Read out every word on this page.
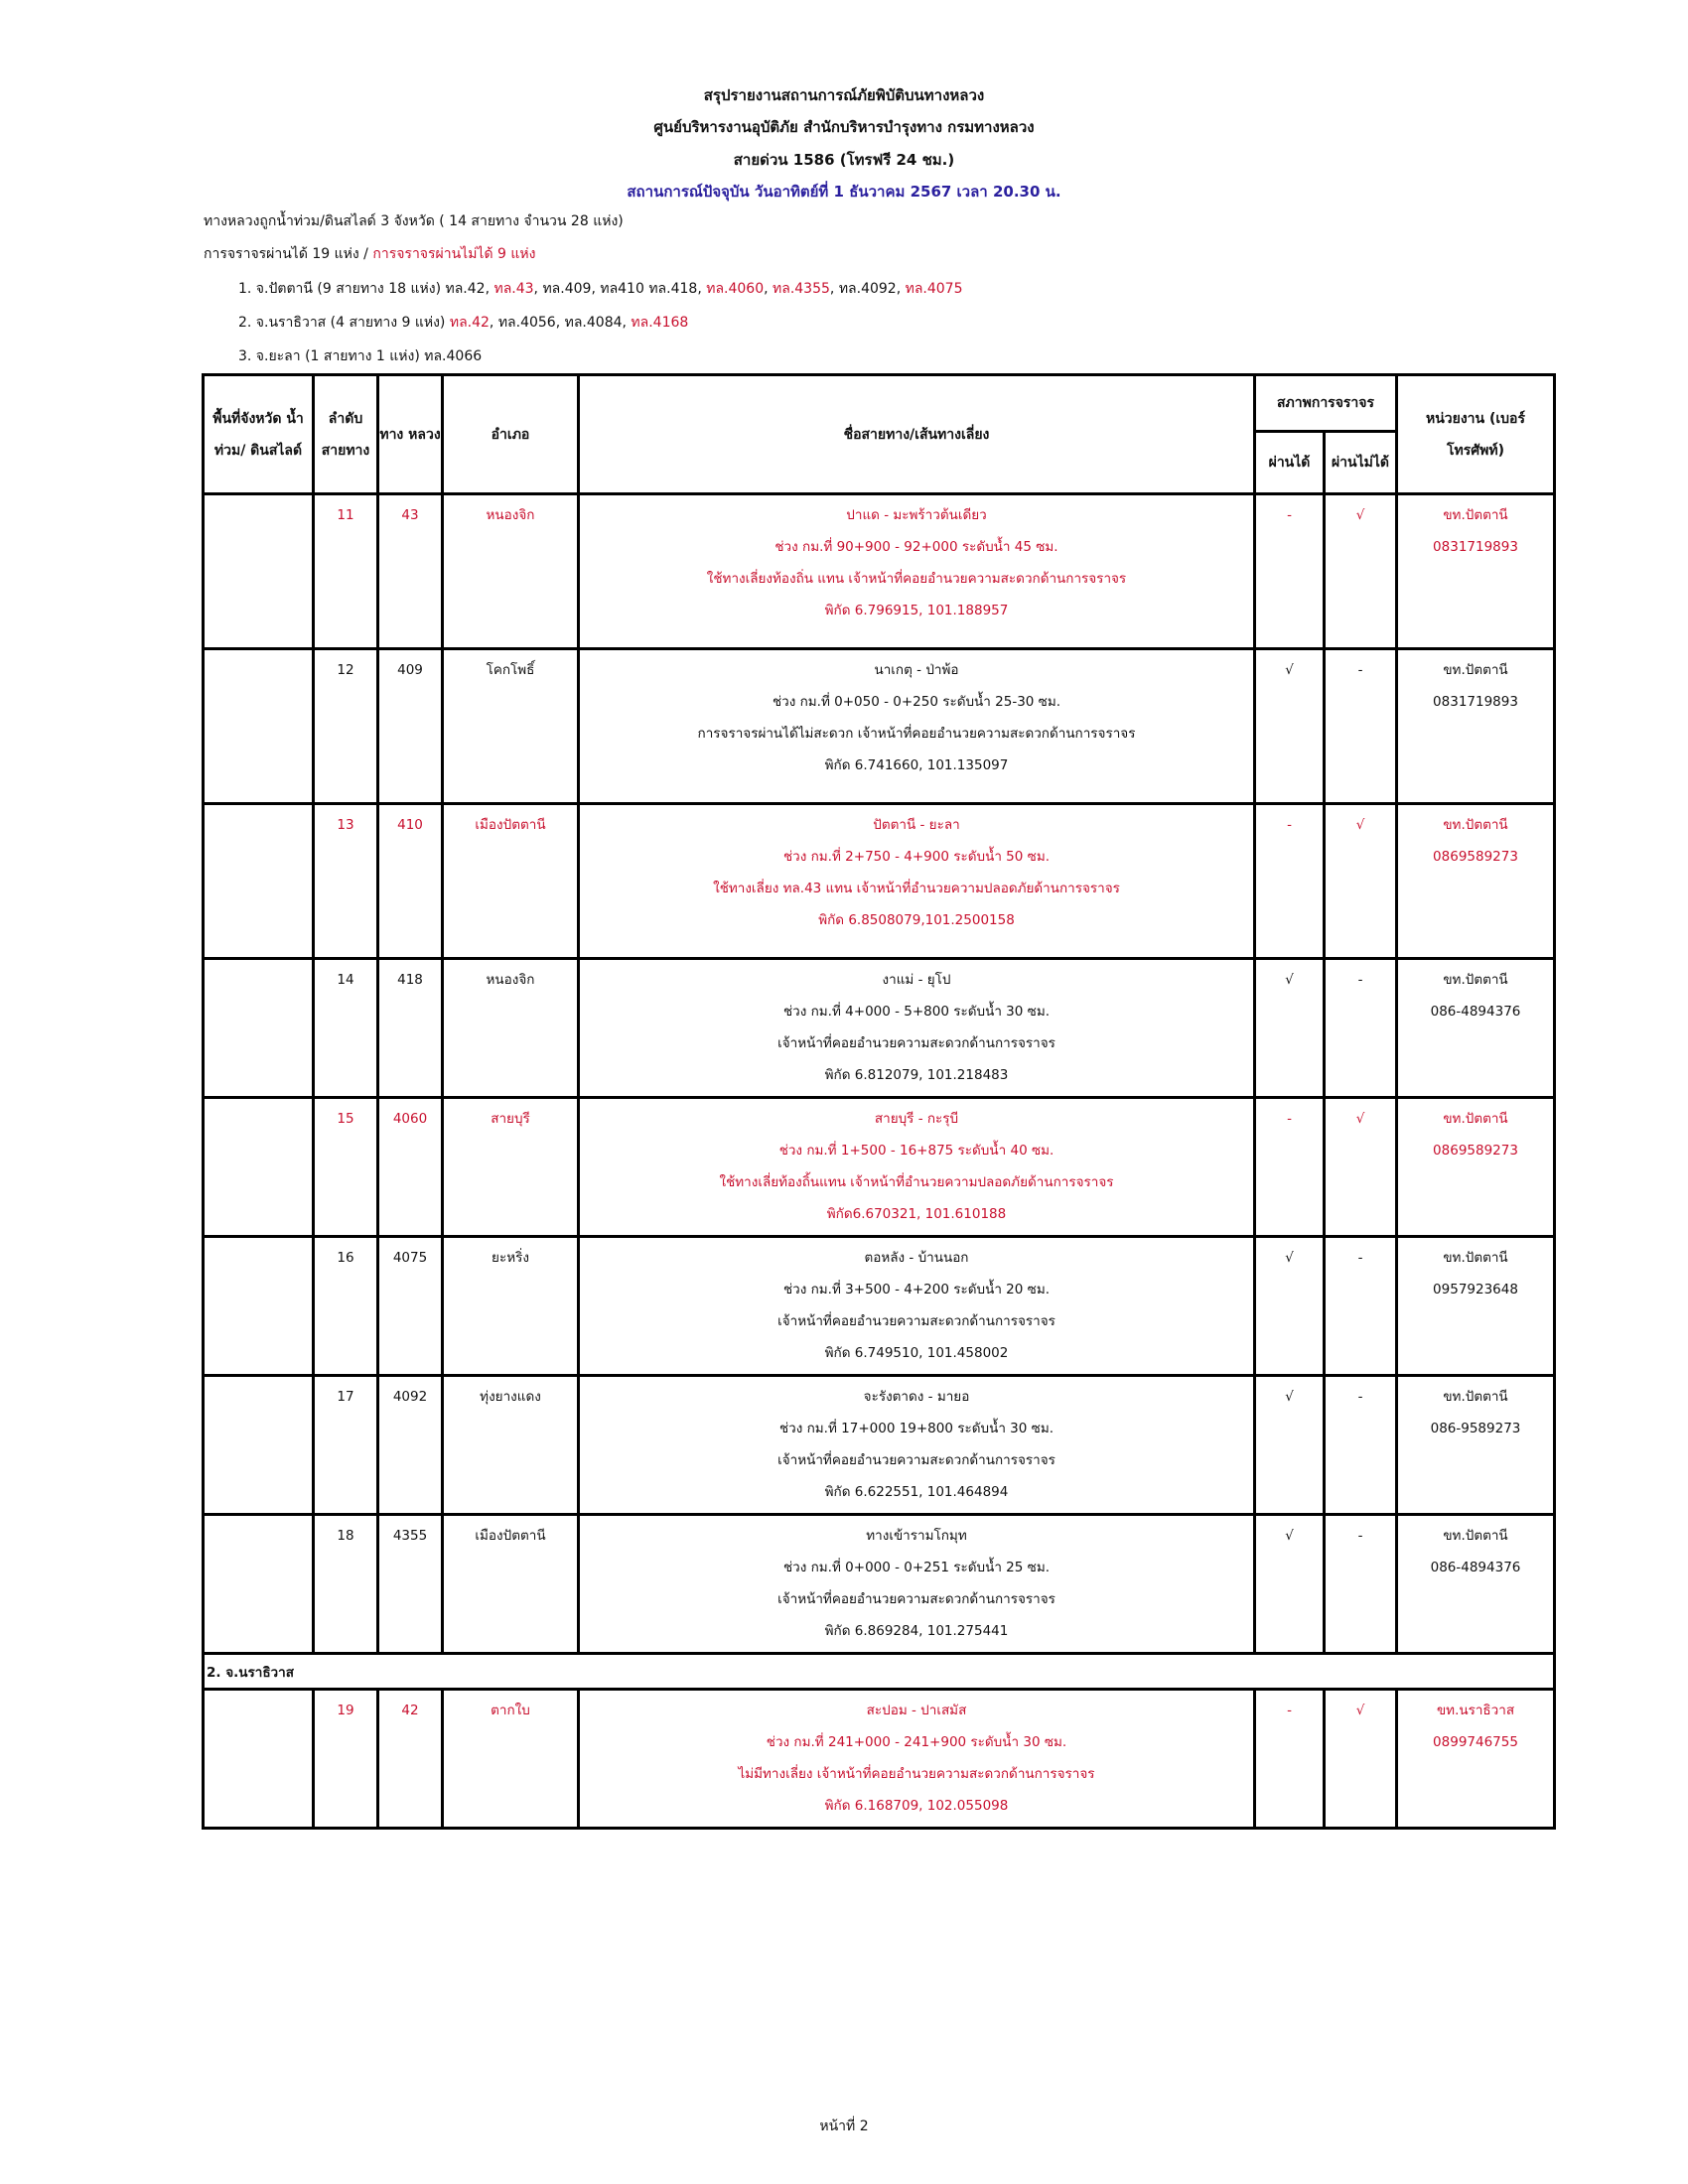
สรุปรายงานสถานการณ์ภัยพิบัติบนทางหลวง
ศูนย์บริหารงานอุบัติภัย สำนักบริหารบำรุงทาง กรมทางหลวง
สายด่วน 1586 (โทรฟรี 24 ชม.)
สถานการณ์ปัจจุบัน วันอาทิตย์ที่ 1 ธันวาคม 2567 เวลา 20.30 น.
ทางหลวงถูกน้ำท่วม/ดินสไลด์ 3 จังหวัด ( 14 สายทาง จำนวน 28 แห่ง)
การจราจรผ่านได้ 19 แห่ง / การจราจรผ่านไม่ได้ 9 แห่ง
1. จ.ปัตตานี (9 สายทาง 18 แห่ง) ทล.42, ทล.43, ทล.409, ทล410 ทล.418, ทล.4060, ทล.4355, ทล.4092, ทล.4075
2. จ.นราธิวาส (4 สายทาง 9 แห่ง) ทล.42, ทล.4056, ทล.4084, ทล.4168
3. จ.ยะลา (1 สายทาง 1 แห่ง) ทล.4066
พื้นที่จังหวัด น้ำท่วม/ ดินสไลด์	ลำดับ สายทาง	ทาง หลวง	อำเภอ	ชื่อสายทาง/เส้นทางเลี่ยง	สภาพการจราจร		หน่วยงาน (เบอร์โทรศัพท์)
					ผ่านได้	ผ่านไม่ได้	

	11	43	หนองจิก	ปาแด - มะพร้าวต้นเดียว
ช่วง กม.ที่ 90+900 - 92+000 ระดับน้ำ 45 ซม.
ใช้ทางเลี่ยงท้องถิ่น แทน เจ้าหน้าที่คอยอำนวยความสะดวกด้านการจราจร
พิกัด 6.796915, 101.188957	-	√	ขท.ปัตตานี
0831719893

	12	409	โคกโพธิ์	นาเกตุ - ป่าพ้อ
ช่วง กม.ที่ 0+050 - 0+250 ระดับน้ำ 25-30 ซม.
การจราจรผ่านได้ไม่สะดวก เจ้าหน้าที่คอยอำนวยความสะดวกด้านการจราจร
พิกัด 6.741660, 101.135097	√	-	ขท.ปัตตานี
0831719893

	13	410	เมืองปัตตานี	ปัตตานี - ยะลา
ช่วง กม.ที่ 2+750 - 4+900 ระดับน้ำ 50 ซม.
ใช้ทางเลี่ยง ทล.43 แทน เจ้าหน้าที่อำนวยความปลอดภัยด้านการจราจร
พิกัด 6.8508079,101.2500158	-	√	ขท.ปัตตานี
0869589273

	14	418	หนองจิก	งาแม่ - ยุโป
ช่วง กม.ที่ 4+000 - 5+800 ระดับน้ำ 30 ซม.
เจ้าหน้าที่คอยอำนวยความสะดวกด้านการจราจร
พิกัด 6.812079, 101.218483	√	-	ขท.ปัตตานี
086-4894376

	15	4060	สายบุรี	สายบุรี - กะรุบี
ช่วง กม.ที่ 1+500 - 16+875 ระดับน้ำ 40 ซม.
ใช้ทางเลี่ยท้องถิ้นแทน เจ้าหน้าที่อำนวยความปลอดภัยด้านการจราจร
พิกัด6.670321, 101.610188	-	√	ขท.ปัตตานี
0869589273

	16	4075	ยะหริ่ง	ตอหลัง - บ้านนอก
ช่วง กม.ที่ 3+500 - 4+200 ระดับน้ำ 20 ซม.
เจ้าหน้าที่คอยอำนวยความสะดวกด้านการจราจร
พิกัด 6.749510, 101.458002	√	-	ขท.ปัตตานี
0957923648

	17	4092	ทุ่งยางแดง	จะรังตาดง - มายอ
ช่วง กม.ที่ 17+000 19+800 ระดับน้ำ 30 ซม.
เจ้าหน้าที่คอยอำนวยความสะดวกด้านการจราจร
พิกัด 6.622551, 101.464894	√	-	ขท.ปัตตานี
086-9589273

	18	4355	เมืองปัตตานี	ทางเข้ารามโกมุท
ช่วง กม.ที่ 0+000 - 0+251 ระดับน้ำ 25 ซม.
เจ้าหน้าที่คอยอำนวยความสะดวกด้านการจราจร
พิกัด 6.869284, 101.275441	√	-	ขท.ปัตตานี
086-4894376

2. จ.นราธิวาส							

	19	42	ตากใบ	สะปอม - ปาเสมัส
ช่วง กม.ที่ 241+000 - 241+900 ระดับน้ำ 30 ซม.
ไม่มีทางเลี่ยง เจ้าหน้าที่คอยอำนวยความสะดวกด้านการจราจร
พิกัด 6.168709, 102.055098	-	√	ขท.นราธิวาส
0899746755
หน้าที่ 2
